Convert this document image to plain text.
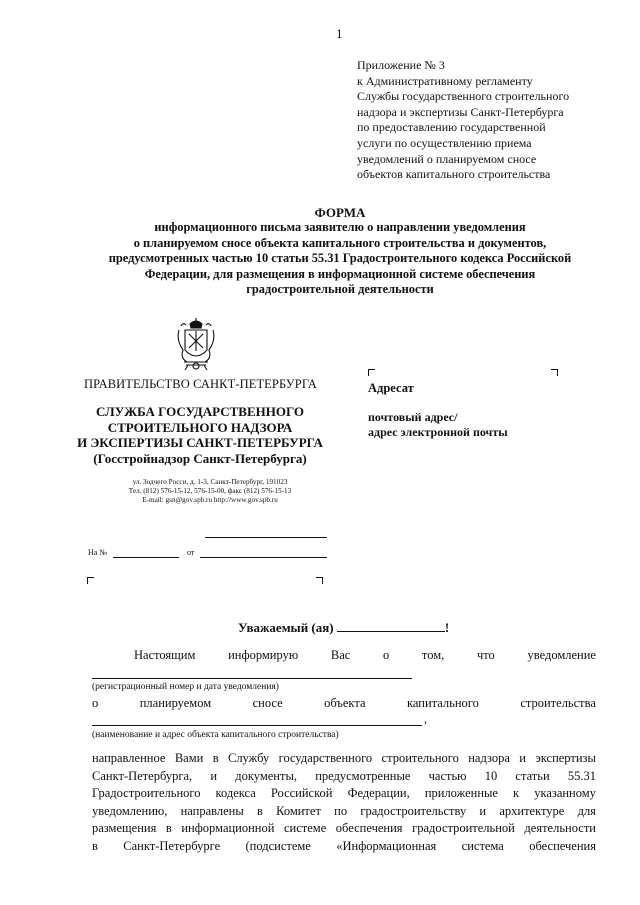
1
Приложение № 3
к Административному регламенту
Службы государственного строительного
надзора и экспертизы Санкт-Петербурга
по предоставлению государственной
услуги по осуществлению приема
уведомлений о планируемом сносе
объектов капитального строительства
ФОРМА
информационного письма заявителю о направлении уведомления
о планируемом сносе объекта капитального строительства и документов,
предусмотренных частью 10 статьи 55.31 Градостроительного кодекса Российской
Федерации, для размещения в информационной системе обеспечения
градостроительной деятельности
ПРАВИТЕЛЬСТВО САНКТ-ПЕТЕРБУРГА
СЛУЖБА ГОСУДАРСТВЕННОГО
СТРОИТЕЛЬНОГО НАДЗОРА
И ЭКСПЕРТИЗЫ САНКТ-ПЕТЕРБУРГА
(Госстройнадзор Санкт-Петербурга)
ул. Зодчего Росси, д. 1-3, Санкт-Петербург, 191023
Тел. (812) 576-15-12, 576-15-00, факс (812) 576-15-13
E-mail: gsn@gov.spb.ru http://www.gov.spb.ru
На №	от
Адресат
почтовый адрес/
адрес электронной почты
Уважаемый (ая)	!
Настоящим	информирую	Вас	о	том,	что	уведомление
(регистрационный номер и дата уведомления)
о	планируемом	сносе	объекта	капитального	строительства
,
(наименование и адрес объекта капитального строительства)
направленное Вами в Службу государственного строительного надзора и экспертизы
Санкт-Петербурга, и документы, предусмотренные частью 10 статьи 55.31
Градостроительного кодекса Российской Федерации, приложенные к указанному
уведомлению, направлены в Комитет по градостроительству и архитектуре для
размещения в информационной системе обеспечения градостроительной деятельности
в Санкт-Петербурге (подсистеме «Информационная система обеспечения
